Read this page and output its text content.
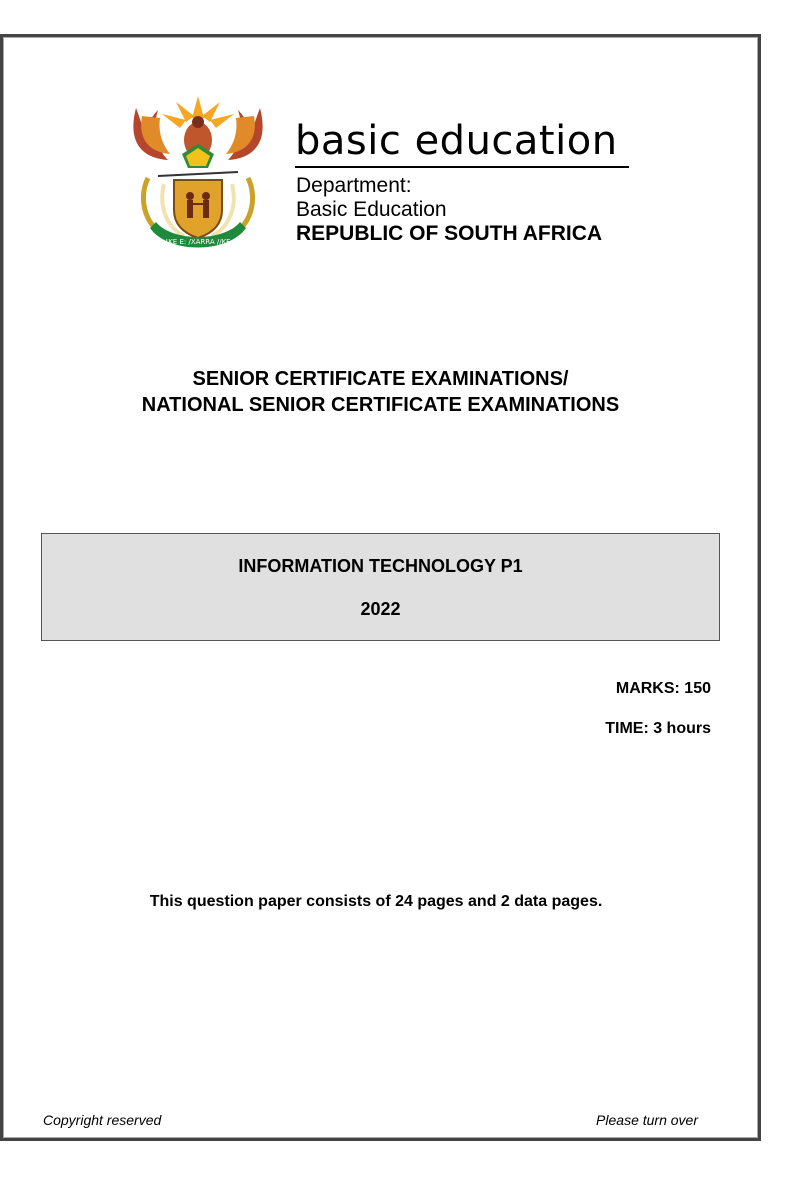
!KE E: /XARRA //KE
basic education
Department:
Basic Education
REPUBLIC OF SOUTH AFRICA
SENIOR CERTIFICATE EXAMINATIONS/
NATIONAL SENIOR CERTIFICATE EXAMINATIONS
INFORMATION TECHNOLOGY P1
2022
MARKS: 150
TIME: 3 hours
This question paper consists of 24 pages and 2 data pages.
Copyright reserved	Please turn over
